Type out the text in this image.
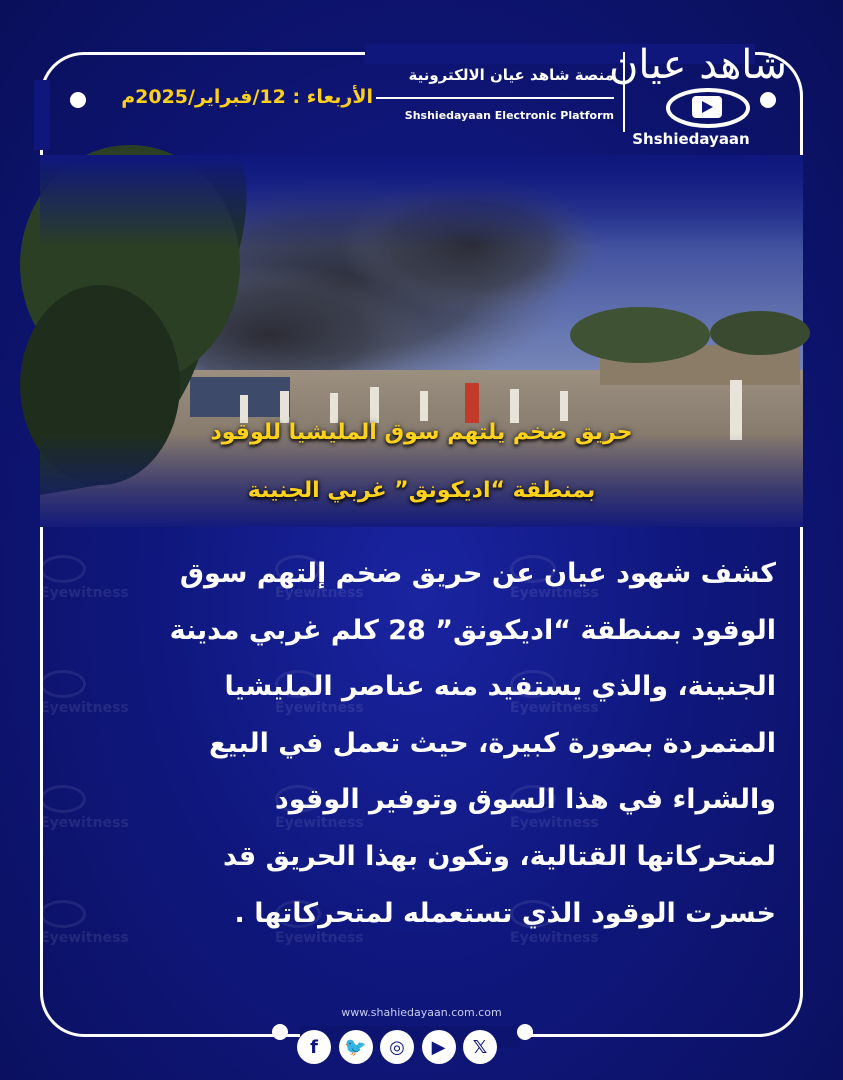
Eyewitness	Eyewitness	Eyewitness
Eyewitness	Eyewitness	Eyewitness
Eyewitness	Eyewitness	Eyewitness
Eyewitness	Eyewitness	Eyewitness
الأربعاء : 12/فبراير/2025م
منصة شاهد عيان الالكترونية
Shshiedayaan Electronic Platform
شاهد عيان
Shshiedayaan
حريق ضخم يلتهم سوق المليشيا للوقود
بمنطقة “اديكونق” غربي الجنينة
كشف شهود عيان عن حريق ضخم إلتهم سوق
الوقود بمنطقة “اديكونق” 28 كلم غربي مدينة
الجنينة، والذي يستفيد منه عناصر المليشيا
المتمردة بصورة كبيرة، حيث تعمل في البيع
والشراء في هذا السوق وتوفير الوقود
لمتحركاتها القتالية، وتكون بهذا الحريق قد
خسرت الوقود الذي تستعمله لمتحركاتها .
www.shahiedayaan.com.com
f	🐦	◎	▶	𝕏
